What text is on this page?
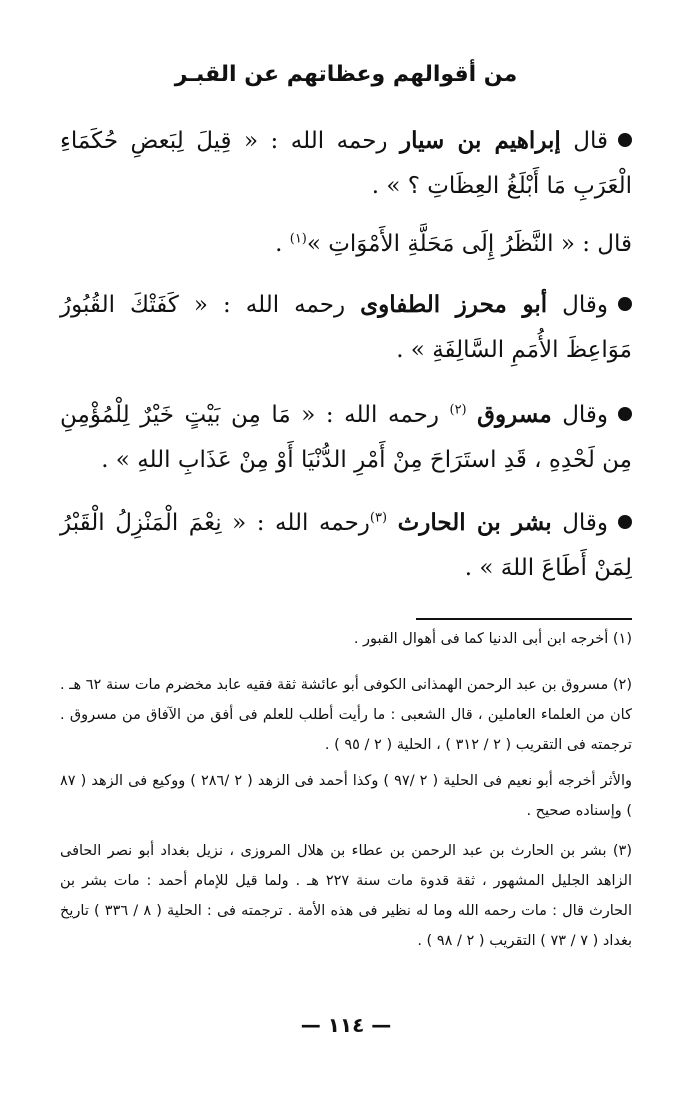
من أقوالهم وعظاتهم عن القبـر
قال إبراهيم بن سيار رحمه الله : « قِيلَ لِبَعضِ حُكَمَاءِ الْعَرَبِ مَا أَبْلَغُ العِظَاتِ ؟ » .
قال : « النَّظَرُ إِلَى مَحَلَّةِ الأَمْوَاتِ »$^{(١)}$ .
وقال أبو محرز الطفاوى رحمه الله : « كَفَتْكَ القُبُورُ مَوَاعِظَ الأُمَمِ السَّالِفَةِ » .
وقال مسروق $^{(٢)}$ رحمه الله : « مَا مِن بَيْتٍ خَيْرٌ لِلْمُؤْمِنِ مِن لَحْدِهِ ، قَدِ استَرَاحَ مِنْ أَمْرِ الدُّنْيَا أَوْ مِنْ عَذَابِ اللهِ » .
وقال بشر بن الحارث $^{(٣)}$رحمه الله : « نِعْمَ الْمَنْزِلُ الْقَبْرُ لِمَنْ أَطَاعَ اللهَ » .
(١) أخرجه ابن أبى الدنيا كما فى أهوال القبور .
(٢) مسروق بن عبد الرحمن الهمذانى الكوفى أبو عائشة ثقة فقيه عابد مخضرم مات سنة ٦٢ هـ . كان من العلماء العاملين ، قال الشعبى : ما رأيت أطلب للعلم فى أفق من الآفاق من مسروق . ترجمته فى التقريب ( ٢ / ٣١٢ ) ، الحلية ( ٢ / ٩٥ ) .
والأثر أخرجه أبو نعيم فى الحلية ( ٢ /٩٧ ) وكذا أحمد فى الزهد ( ٢ /٢٨٦ ) ووكيع فى الزهد ( ٨٧ ) وإسناده صحيح .
(٣) بشر بن الحارث بن عبد الرحمن بن عطاء بن هلال المروزى ، نزيل بغداد أبو نصر الحافى الزاهد الجليل المشهور ، ثقة قدوة مات سنة ٢٢٧ هـ . ولما قيل للإمام أحمد : مات بشر بن الحارث قال : مات رحمه الله وما له نظير فى هذه الأمة . ترجمته فى : الحلية ( ٨ / ٣٣٦ ) تاريخ بغداد ( ٧ / ٧٣ ) التقريب ( ٢ / ٩٨ ) .
— ١١٤ —
